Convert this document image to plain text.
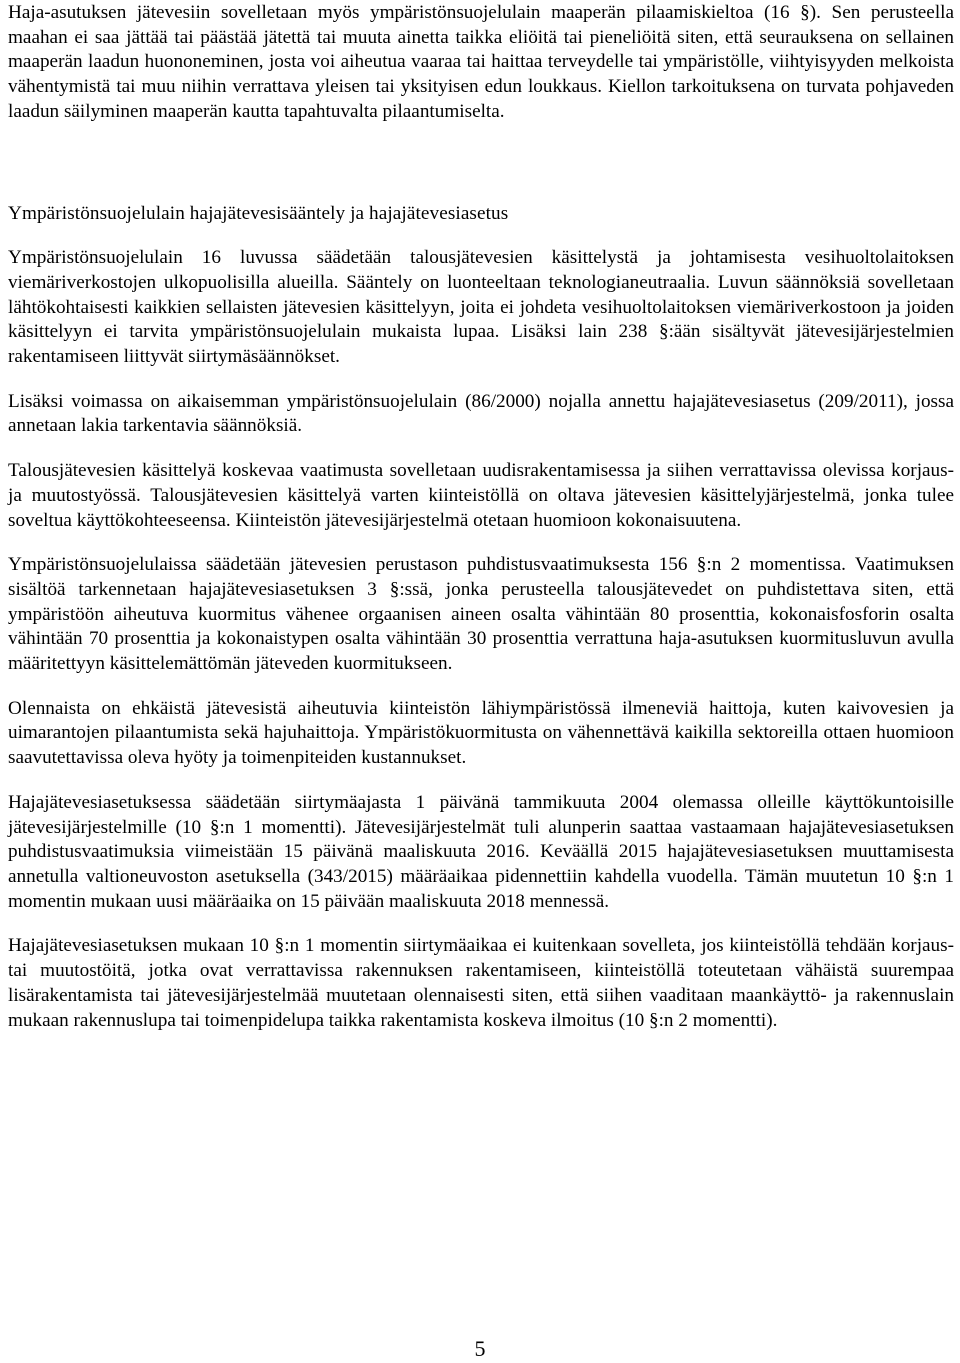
Haja-asutuksen jätevesiin sovelletaan myös ympäristönsuojelulain maaperän pilaamiskieltoa (16 §). Sen perusteella maahan ei saa jättää tai päästää jätettä tai muuta ainetta taikka eliöitä tai pieneliöitä siten, että seurauksena on sellainen maaperän laadun huononeminen, josta voi aiheutua vaaraa tai haittaa terveydelle tai ympäristölle, viihtyisyyden melkoista vähentymistä tai muu niihin verrattava yleisen tai yksityisen edun loukkaus. Kiellon tarkoituksena on turvata pohjaveden laadun säilyminen maaperän kautta tapahtuvalta pilaantumiselta.

Ympäristönsuojelulain hajajätevesisääntely ja hajajätevesiasetus

Ympäristönsuojelulain 16 luvussa säädetään talousjätevesien käsittelystä ja johtamisesta vesihuoltolaitoksen viemäriverkostojen ulkopuolisilla alueilla. Sääntely on luonteeltaan teknologianeutraalia. Luvun säännöksiä sovelletaan lähtökohtaisesti kaikkien sellaisten jätevesien käsittelyyn, joita ei johdeta vesihuoltolaitoksen viemäriverkostoon ja joiden käsittelyyn ei tarvita ympäristönsuojelulain mukaista lupaa. Lisäksi lain 238 §:ään sisältyvät jätevesijärjestelmien rakentamiseen liittyvät siirtymäsäännökset.

Lisäksi voimassa on aikaisemman ympäristönsuojelulain (86/2000) nojalla annettu hajajätevesiasetus (209/2011), jossa annetaan lakia tarkentavia säännöksiä.

Talousjätevesien käsittelyä koskevaa vaatimusta sovelletaan uudisrakentamisessa ja siihen verrattavissa olevissa korjaus- ja muutostyössä. Talousjätevesien käsittelyä varten kiinteistöllä on oltava jätevesien käsittelyjärjestelmä, jonka tulee soveltua käyttökohteeseensa. Kiinteistön jätevesijärjestelmä otetaan huomioon kokonaisuutena.

Ympäristönsuojelulaissa säädetään jätevesien perustason puhdistusvaatimuksesta 156 §:n 2 momentissa. Vaatimuksen sisältöä tarkennetaan hajajätevesiasetuksen 3 §:ssä, jonka perusteella talousjätevedet on puhdistettava siten, että ympäristöön aiheutuva kuormitus vähenee orgaanisen aineen osalta vähintään 80 prosenttia, kokonaisfosforin osalta vähintään 70 prosenttia ja kokonaistypen osalta vähintään 30 prosenttia verrattuna haja-asutuksen kuormitusluvun avulla määritettyyn käsittelemättömän jäteveden kuormitukseen.

Olennaista on ehkäistä jätevesistä aiheutuvia kiinteistön lähiympäristössä ilmeneviä haittoja, kuten kaivovesien ja uimarantojen pilaantumista sekä hajuhaittoja. Ympäristökuormitusta on vähennettävä kaikilla sektoreilla ottaen huomioon saavutettavissa oleva hyöty ja toimenpiteiden kustannukset.

Hajajätevesiasetuksessa säädetään siirtymäajasta 1 päivänä tammikuuta 2004 olemassa olleille käyttökuntoisille jätevesijärjestelmille (10 §:n 1 momentti). Jätevesijärjestelmät tuli alunperin saattaa vastaamaan hajajätevesiasetuksen puhdistusvaatimuksia viimeistään 15 päivänä maaliskuuta 2016. Keväällä 2015 hajajätevesiasetuksen muuttamisesta annetulla valtioneuvoston asetuksella (343/2015) määräaikaa pidennettiin kahdella vuodella. Tämän muutetun 10 §:n 1 momentin mukaan uusi määräaika on 15 päivään maaliskuuta 2018 mennessä.

Hajajätevesiasetuksen mukaan 10 §:n 1 momentin siirtymäaikaa ei kuitenkaan sovelleta, jos kiinteistöllä tehdään korjaus- tai muutostöitä, jotka ovat verrattavissa rakennuksen rakentamiseen, kiinteistöllä toteutetaan vähäistä suurempaa lisärakentamista tai jätevesijärjestelmää muutetaan olennaisesti siten, että siihen vaaditaan maankäyttö- ja rakennuslain mukaan rakennuslupa tai toimenpidelupa taikka rakentamista koskeva ilmoitus (10 §:n 2 momentti).

5
